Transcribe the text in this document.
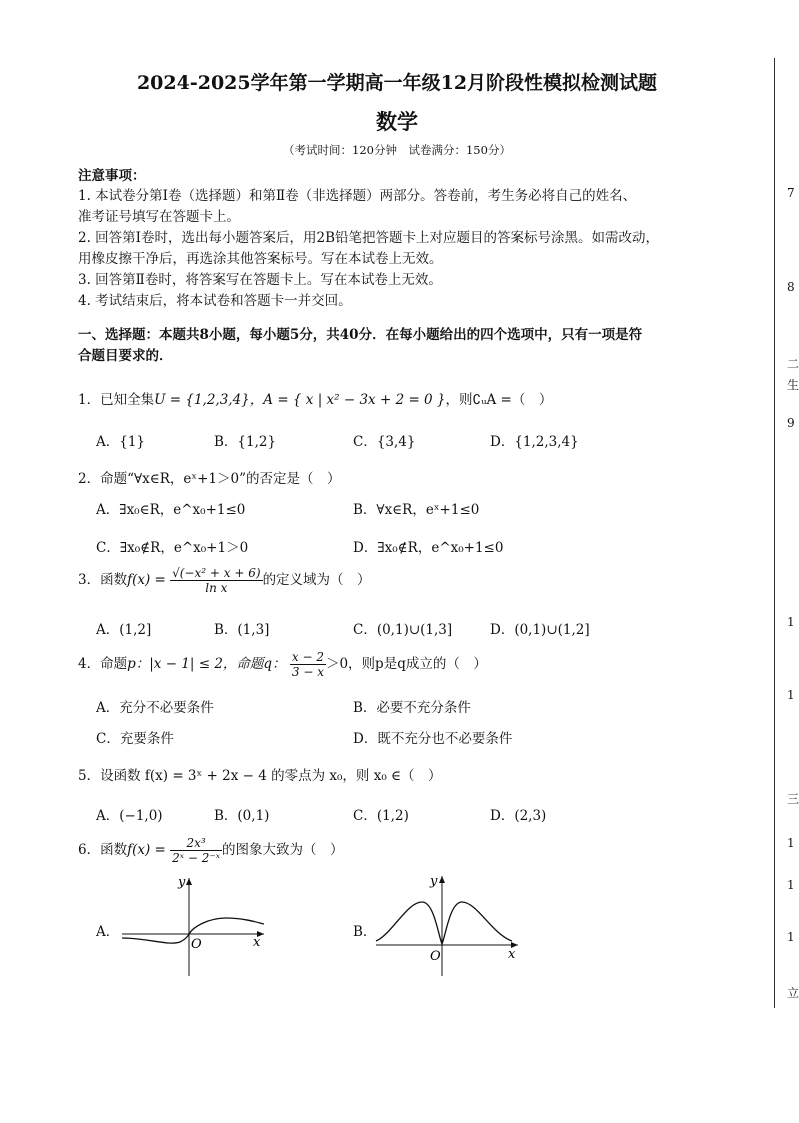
2024-2025学年第一学期高一年级12月阶段性模拟检测试题
数学
（考试时间：120分钟　试卷满分：150分）
注意事项：
1. 本试卷分第Ⅰ卷（选择题）和第Ⅱ卷（非选择题）两部分。答卷前，考生务必将自己的姓名、
准考证号填写在答题卡上。
2. 回答第Ⅰ卷时，选出每小题答案后，用2B铅笔把答题卡上对应题目的答案标号涂黑。如需改动，
用橡皮擦干净后，再选涂其他答案标号。写在本试卷上无效。
3. 回答第Ⅱ卷时，将答案写在答题卡上。写在本试卷上无效。
4. 考试结束后，将本试卷和答题卡一并交回。
一、选择题：本题共8小题，每小题5分，共40分．在每小题给出的四个选项中，只有一项是符
合题目要求的．
1．已知全集U = {1,2,3,4}，A = { x | x² − 3x + 2 = 0 }，则∁ᵤA =（　）
A．{1}	B．{1,2}	C．{3,4}	D．{1,2,3,4}
2．命题“∀x∈R，eˣ+1＞0”的否定是（　）
A．∃x₀∈R，e^x₀+1≤0	B．∀x∈R，eˣ+1≤0
C．∃x₀∉R，e^x₀+1＞0	D．∃x₀∉R，e^x₀+1≤0
3．函数$f(x) = \frac{\text{√(−x² + x + 6)}}{\text{ln x}}$ 的定义域为（　）
A．(1,2]	B．(1,3]	C．(0,1)∪(1,3]	D．(0,1)∪(1,2]
4．命题p：|x − 1| ≤ 2，命题q： $\frac{x - 2}{3 - x} >0$，则p是q成立的（　）
A．充分不必要条件	B．必要不充分条件
C．充要条件	D．既不充分也不必要条件
5．设函数 f(x) = 3ˣ + 2x − 4 的零点为 x₀，则 x₀ ∈（　）
A．(−1,0)	B．(0,1)	C．(1,2)	D．(2,3)
6．函数$f(x) = \frac{\text{2x³}}{\text{2ˣ − 2⁻ˣ}}$ 的图象大致为（　）
A．
y
x
O
B．
y
x
O
7
8
二
生
9
1
1
三
1
1
1
立
